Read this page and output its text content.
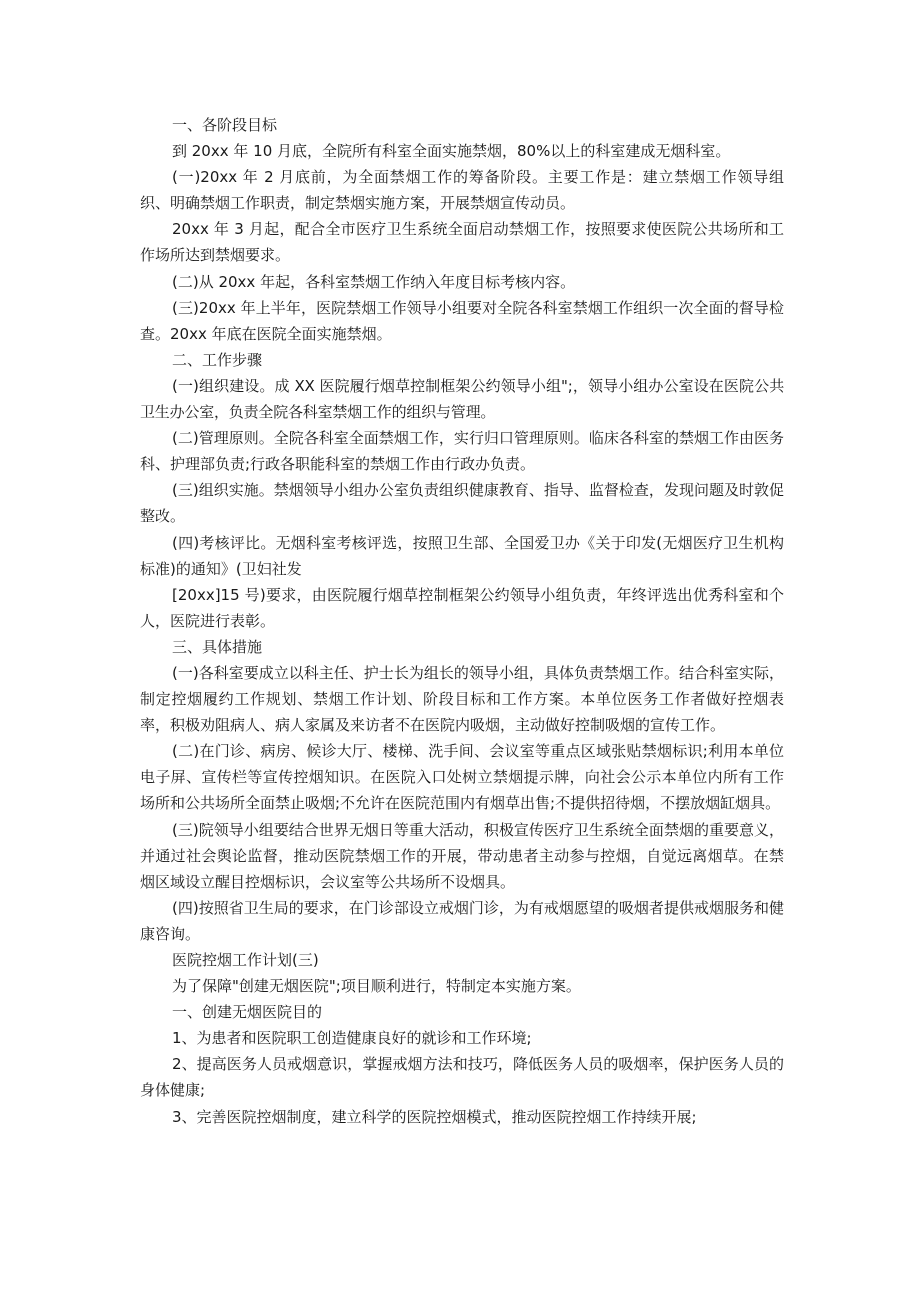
一、各阶段目标

到 20xx 年 10 月底，全院所有科室全面实施禁烟，80%以上的科室建成无烟科室。

(一)20xx 年 2 月底前，为全面禁烟工作的筹备阶段。主要工作是：建立禁烟工作领导组织、明确禁烟工作职责，制定禁烟实施方案，开展禁烟宣传动员。

20xx 年 3 月起，配合全市医疗卫生系统全面启动禁烟工作，按照要求使医院公共场所和工作场所达到禁烟要求。

(二)从 20xx 年起，各科室禁烟工作纳入年度目标考核内容。

(三)20xx 年上半年，医院禁烟工作领导小组要对全院各科室禁烟工作组织一次全面的督导检查。20xx 年底在医院全面实施禁烟。

二、工作步骤

(一)组织建设。成 XX 医院履行烟草控制框架公约领导小组";，领导小组办公室设在医院公共卫生办公室，负责全院各科室禁烟工作的组织与管理。

(二)管理原则。全院各科室全面禁烟工作，实行归口管理原则。临床各科室的禁烟工作由医务科、护理部负责;行政各职能科室的禁烟工作由行政办负责。

(三)组织实施。禁烟领导小组办公室负责组织健康教育、指导、监督检查，发现问题及时敦促整改。

(四)考核评比。无烟科室考核评选，按照卫生部、全国爱卫办《关于印发(无烟医疗卫生机构标准)的通知》(卫妇社发

[20xx]15 号)要求，由医院履行烟草控制框架公约领导小组负责，年终评选出优秀科室和个人，医院进行表彰。

三、具体措施

(一)各科室要成立以科主任、护士长为组长的领导小组，具体负责禁烟工作。结合科室实际，制定控烟履约工作规划、禁烟工作计划、阶段目标和工作方案。本单位医务工作者做好控烟表率，积极劝阻病人、病人家属及来访者不在医院内吸烟，主动做好控制吸烟的宣传工作。

(二)在门诊、病房、候诊大厅、楼梯、洗手间、会议室等重点区域张贴禁烟标识;利用本单位电子屏、宣传栏等宣传控烟知识。在医院入口处树立禁烟提示牌，向社会公示本单位内所有工作场所和公共场所全面禁止吸烟;不允许在医院范围内有烟草出售;不提供招待烟，不摆放烟缸烟具。

(三)院领导小组要结合世界无烟日等重大活动，积极宣传医疗卫生系统全面禁烟的重要意义，并通过社会舆论监督，推动医院禁烟工作的开展，带动患者主动参与控烟，自觉远离烟草。在禁烟区域设立醒目控烟标识，会议室等公共场所不设烟具。

(四)按照省卫生局的要求，在门诊部设立戒烟门诊，为有戒烟愿望的吸烟者提供戒烟服务和健康咨询。

医院控烟工作计划(三)

为了保障"创建无烟医院";项目顺利进行，特制定本实施方案。

一、创建无烟医院目的

1、为患者和医院职工创造健康良好的就诊和工作环境;

2、提高医务人员戒烟意识，掌握戒烟方法和技巧，降低医务人员的吸烟率，保护医务人员的身体健康;

3、完善医院控烟制度，建立科学的医院控烟模式，推动医院控烟工作持续开展;
